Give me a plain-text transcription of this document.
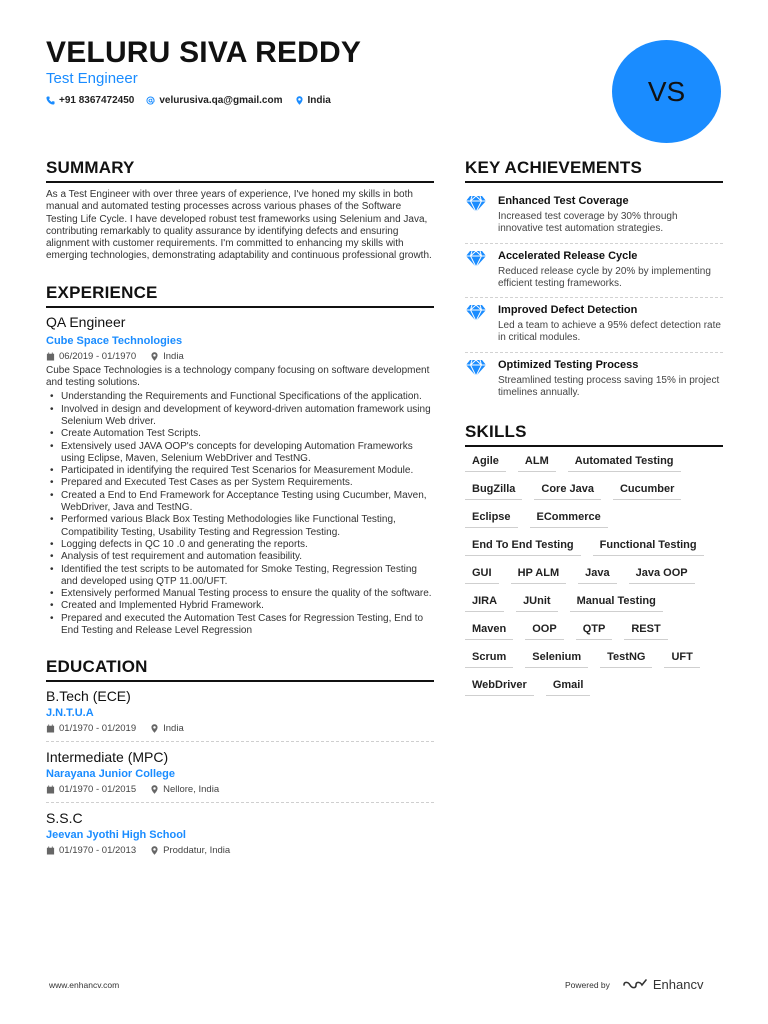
VELURU SIVA REDDY
Test Engineer
+91 8367472450	velurusiva.qa@gmail.com	India	VS
SUMMARY

As a Test Engineer with over three years of experience, I've honed my skills in both manual and automated testing processes across various phases of the Software Testing Life Cycle. I have developed robust test frameworks using Selenium and Java, contributing remarkably to quality assurance by identifying defects and ensuring alignment with customer requirements. I'm committed to enhancing my skills with emerging technologies, demonstrating adaptability and continuous professional growth.

EXPERIENCE
QA Engineer
Cube Space Technologies
06/2019 - 01/1970	India

Cube Space Technologies is a technology company focusing on software development and testing solutions.

• Understanding the Requirements and Functional Specifications of the application.
• Involved in design and development of keyword-driven automation framework using Selenium Web driver.
• Create Automation Test Scripts.
• Extensively used JAVA OOP's concepts for developing Automation Frameworks using Eclipse, Maven, Selenium WebDriver and TestNG.
• Participated in identifying the required Test Scenarios for Measurement Module.
• Prepared and Executed Test Cases as per System Requirements.
• Created a End to End Framework for Acceptance Testing using Cucumber, Maven, WebDriver, Java and TestNG.
• Performed various Black Box Testing Methodologies like Functional Testing, Compatibility Testing, Usability Testing and Regression Testing.
• Logging defects in QC 10 .0 and generating the reports.
• Analysis of test requirement and automation feasibility.
• Identified the test scripts to be automated for Smoke Testing, Regression Testing and developed using QTP 11.00/UFT.
• Extensively performed Manual Testing process to ensure the quality of the software.
• Created and Implemented Hybrid Framework.
• Prepared and executed the Automation Test Cases for Regression Testing, End to End Testing and Release Level Regression
EDUCATION
B.Tech (ECE)
J.N.T.U.A
01/1970 - 01/2019	India
Intermediate (MPC)
Narayana Junior College
01/1970 - 01/2015	Nellore, India
S.S.C
Jeevan Jyothi High School
01/1970 - 01/2013	Proddatur, India
KEY ACHIEVEMENTS
Enhanced Test Coverage
Increased test coverage by 30% through innovative test automation strategies.
Accelerated Release Cycle
Reduced release cycle by 20% by implementing efficient testing frameworks.
Improved Defect Detection
Led a team to achieve a 95% defect detection rate in critical modules.
Optimized Testing Process
Streamlined testing process saving 15% in project timelines annually.
SKILLS
Agile	ALM	Automated Testing
BugZilla	Core Java	Cucumber
Eclipse	ECommerce
End To End Testing	Functional Testing
GUI	HP ALM	Java	Java OOP
JIRA	JUnit	Manual Testing
Maven	OOP	QTP	REST
Scrum	Selenium	TestNG	UFT
WebDriver	Gmail
www.enhancv.com	Powered by	Enhancv
